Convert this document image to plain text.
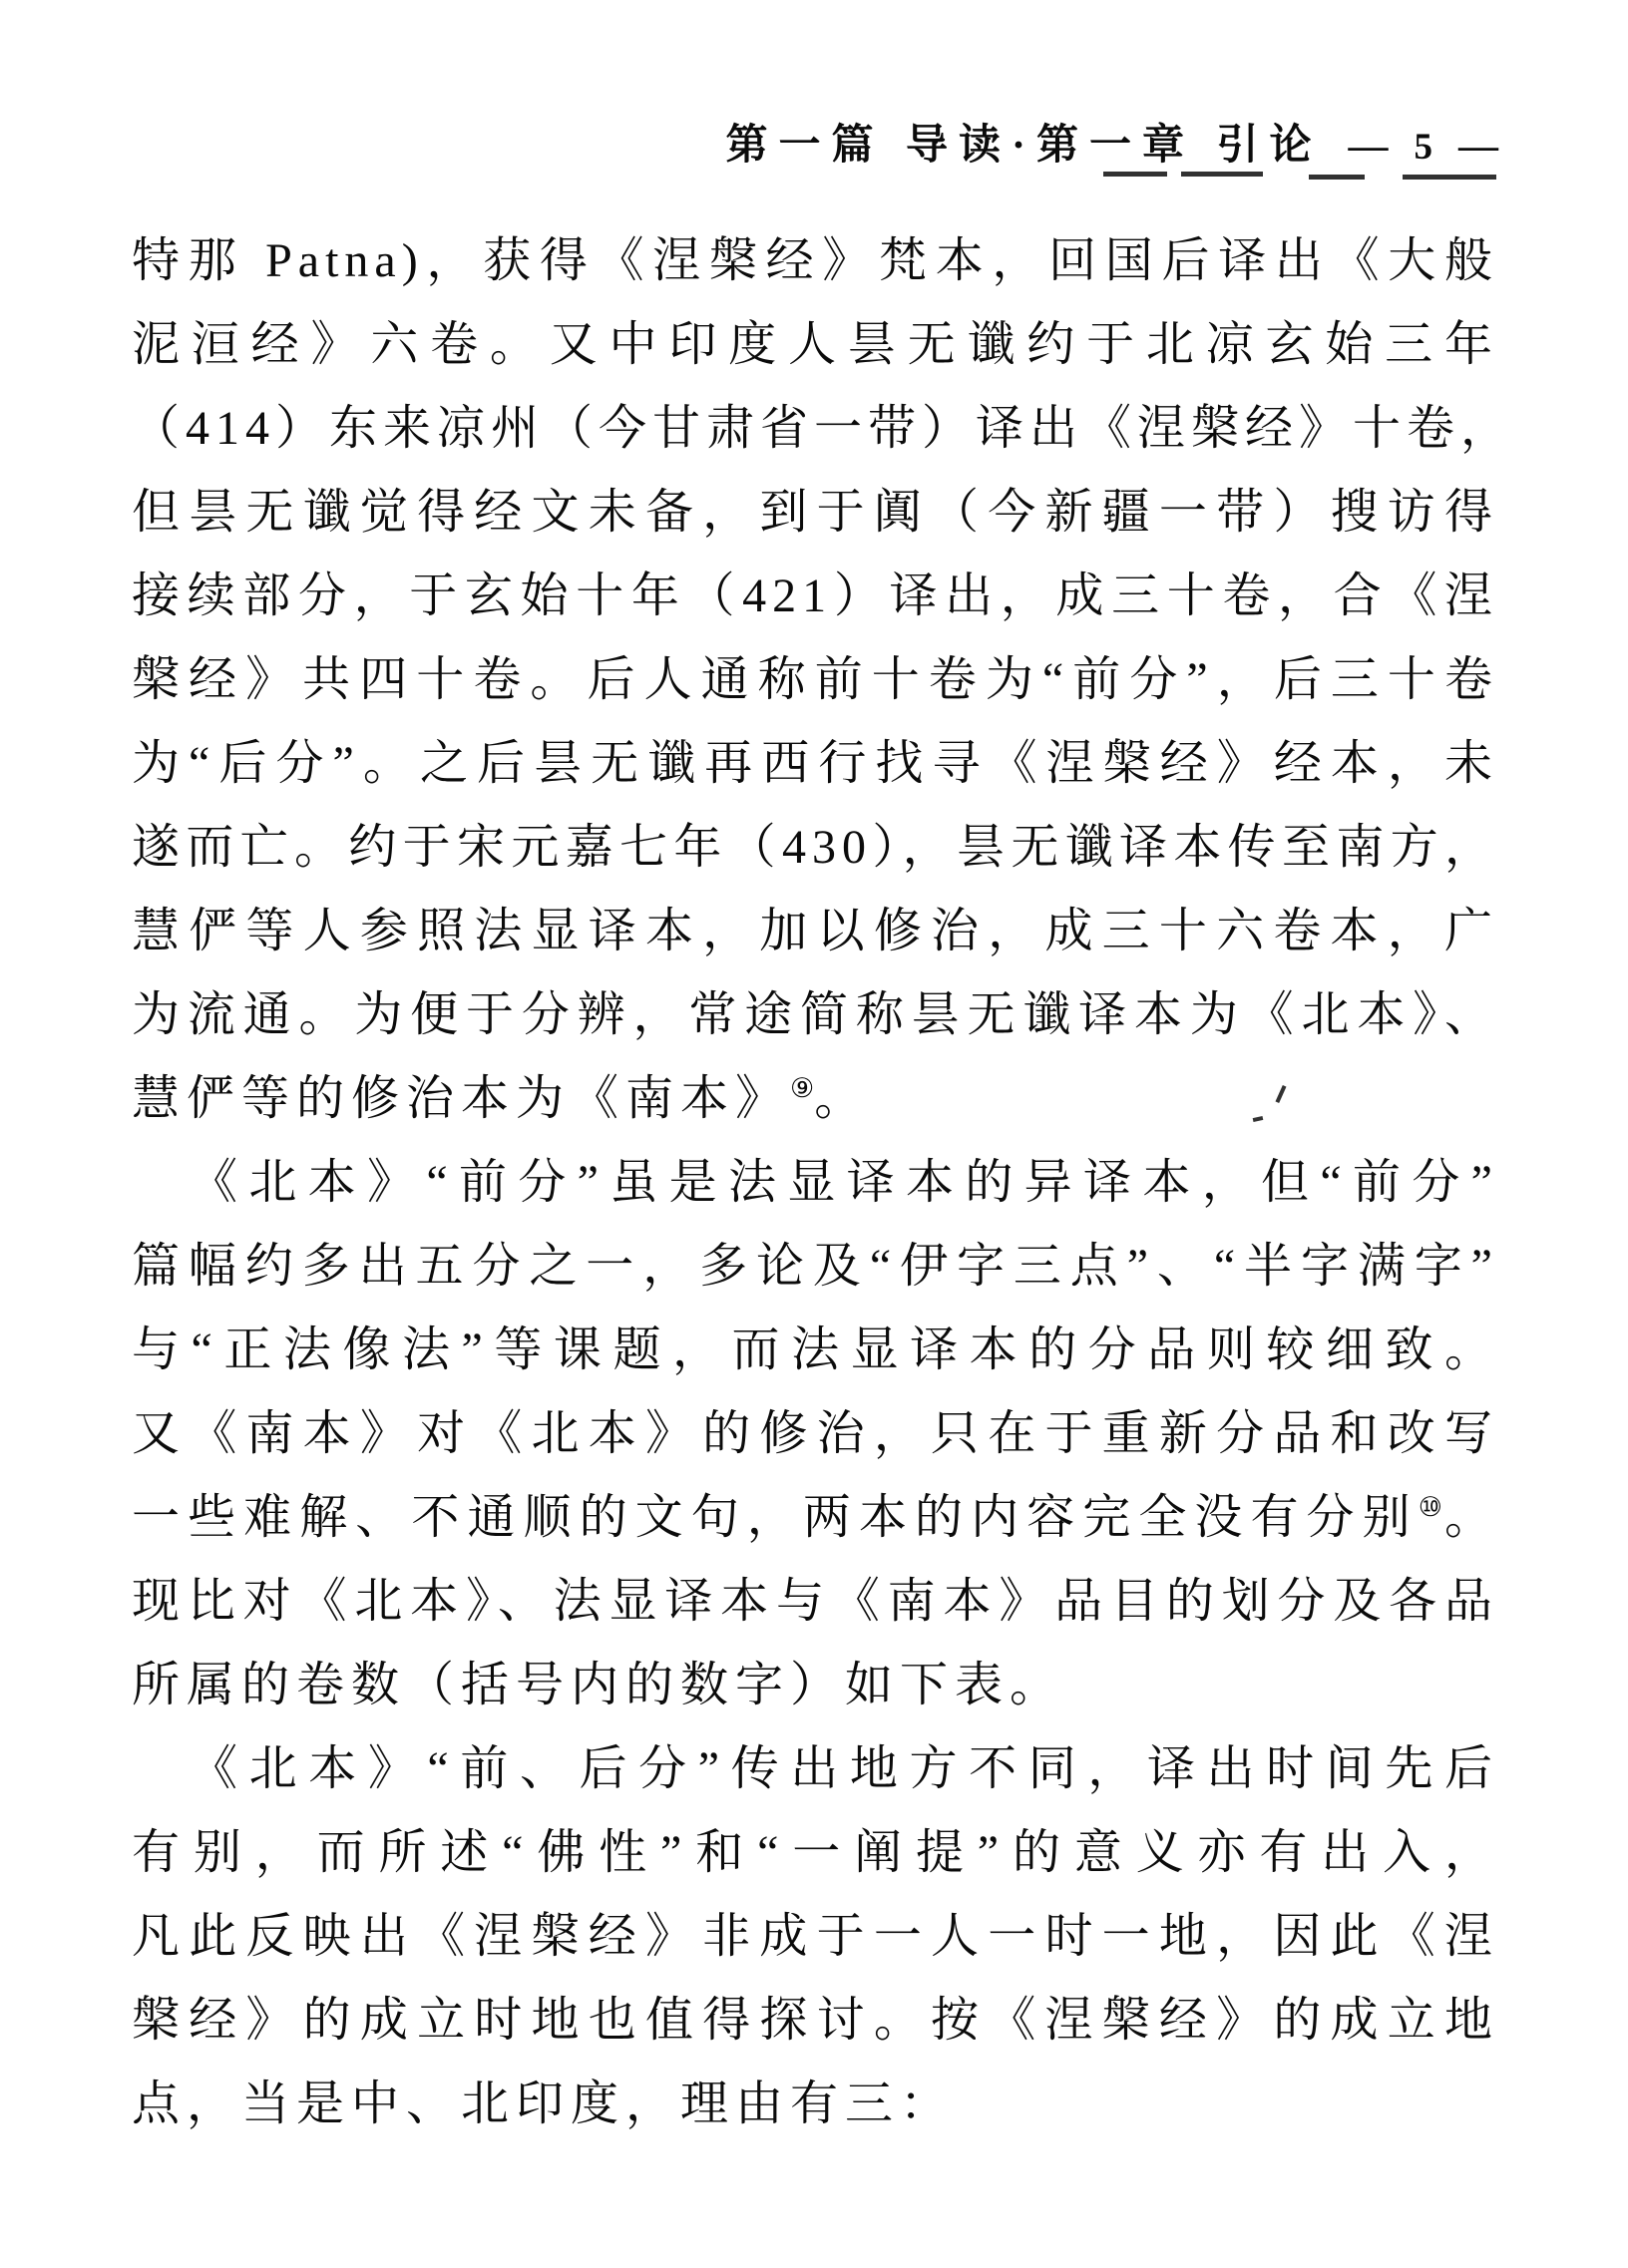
第一篇 导读·第一章 引论 — 5 —
特那 Patna)，获得《涅槃经》梵本，回国后译出《大般
泥洹经》六卷。又中印度人昙无谶约于北凉玄始三年
（414）东来凉州（今甘肃省一带）译出《涅槃经》十卷，
但昙无谶觉得经文未备，到于阗（今新疆一带）搜访得
接续部分，于玄始十年（421）译出，成三十卷，合《涅
槃经》共四十卷。后人通称前十卷为“前分”，后三十卷
为“后分”。之后昙无谶再西行找寻《涅槃经》经本，未
遂而亡。约于宋元嘉七年（430），昙无谶译本传至南方，
慧俨等人参照法显译本，加以修治，成三十六卷本，广
为流通。为便于分辨，常途简称昙无谶译本为《北本》、
慧俨等的修治本为《南本》⑨。
《北本》“前分”虽是法显译本的异译本，但“前分”
篇幅约多出五分之一，多论及“伊字三点”、“半字满字”
与“正法像法”等课题，而法显译本的分品则较细致。
又《南本》对《北本》的修治，只在于重新分品和改写
一些难解、不通顺的文句，两本的内容完全没有分别⑩。
现比对《北本》、法显译本与《南本》品目的划分及各品
所属的卷数（括号内的数字）如下表。
《北本》“前、后分”传出地方不同，译出时间先后
有别，而所述“佛性”和“一阐提”的意义亦有出入，
凡此反映出《涅槃经》非成于一人一时一地，因此《涅
槃经》的成立时地也值得探讨。按《涅槃经》的成立地
点，当是中、北印度，理由有三：
